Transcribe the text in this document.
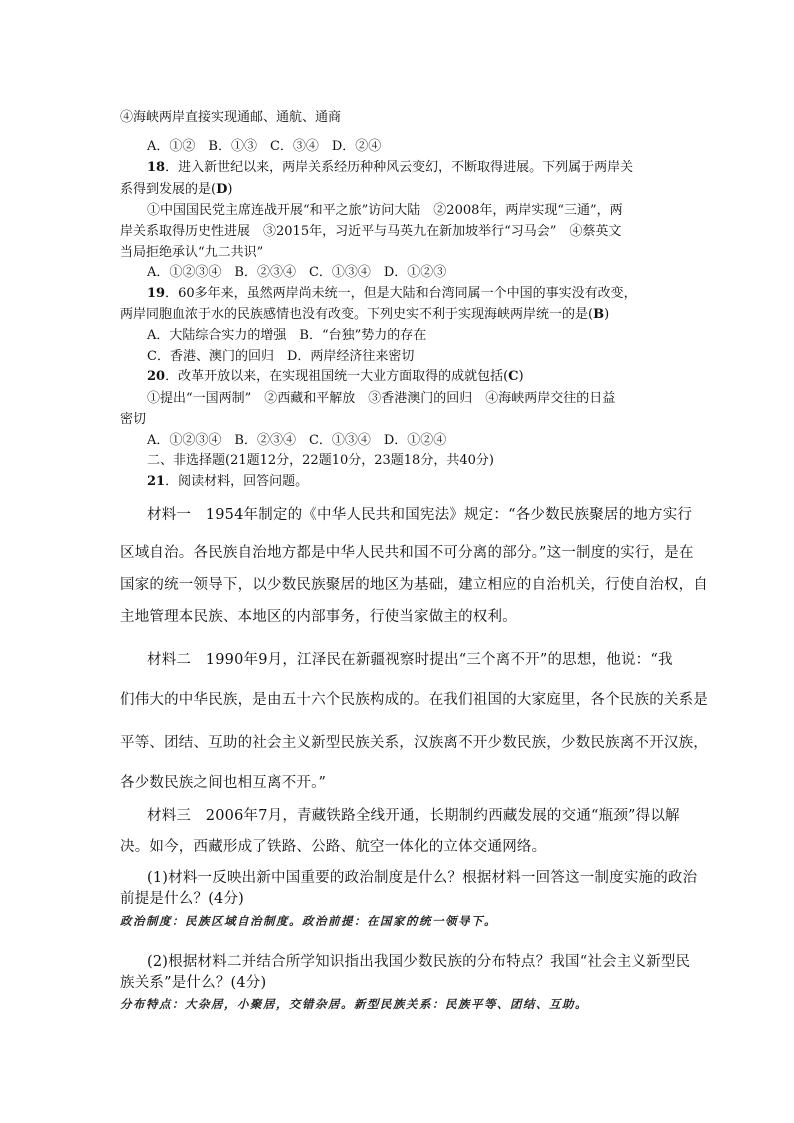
④海峡两岸直接实现通邮、通航、通商
A．①②　B．①③　C．③④　D．②④
18．进入新世纪以来，两岸关系经历种种风云变幻，不断取得进展。下列属于两岸关
系得到发展的是(D)
①中国国民党主席连战开展“和平之旅”访问大陆　②2008年，两岸实现“三通”，两
岸关系取得历史性进展　③2015年，习近平与马英九在新加坡举行“习马会”　④蔡英文
当局拒绝承认“九二共识”
A．①②③④　B．②③④　C．①③④　D．①②③
19．60多年来，虽然两岸尚未统一，但是大陆和台湾同属一个中国的事实没有改变，
两岸同胞血浓于水的民族感情也没有改变。下列史实不利于实现海峡两岸统一的是(B)
A．大陆综合实力的增强　B．“台独”势力的存在
C．香港、澳门的回归　D．两岸经济往来密切
20．改革开放以来，在实现祖国统一大业方面取得的成就包括(C)
①提出“一国两制”　②西藏和平解放　③香港澳门的回归　④海峡两岸交往的日益
密切
A．①②③④　B．②③④　C．①③④　D．①②④
二、非选择题(21题12分，22题10分，23题18分，共40分)
21．阅读材料，回答问题。
材料一　1954年制定的《中华人民共和国宪法》规定：“各少数民族聚居的地方实行
区域自治。各民族自治地方都是中华人民共和国不可分离的部分。”这一制度的实行，是在
国家的统一领导下，以少数民族聚居的地区为基础，建立相应的自治机关，行使自治权，自
主地管理本民族、本地区的内部事务，行使当家做主的权利。
材料二　1990年9月，江泽民在新疆视察时提出“三个离不开”的思想，他说：“我
们伟大的中华民族，是由五十六个民族构成的。在我们祖国的大家庭里，各个民族的关系是
平等、团结、互助的社会主义新型民族关系，汉族离不开少数民族，少数民族离不开汉族，
各少数民族之间也相互离不开。”
材料三　2006年7月，青藏铁路全线开通，长期制约西藏发展的交通“瓶颈”得以解
决。如今，西藏形成了铁路、公路、航空一体化的立体交通网络。
(1)材料一反映出新中国重要的政治制度是什么？根据材料一回答这一制度实施的政治
前提是什么？(4分)
政治制度：民族区域自治制度。政治前提：在国家的统一领导下。
(2)根据材料二并结合所学知识指出我国少数民族的分布特点？我国“社会主义新型民
族关系”是什么？(4分)
分布特点：大杂居，小聚居，交错杂居。新型民族关系：民族平等、团结、互助。
